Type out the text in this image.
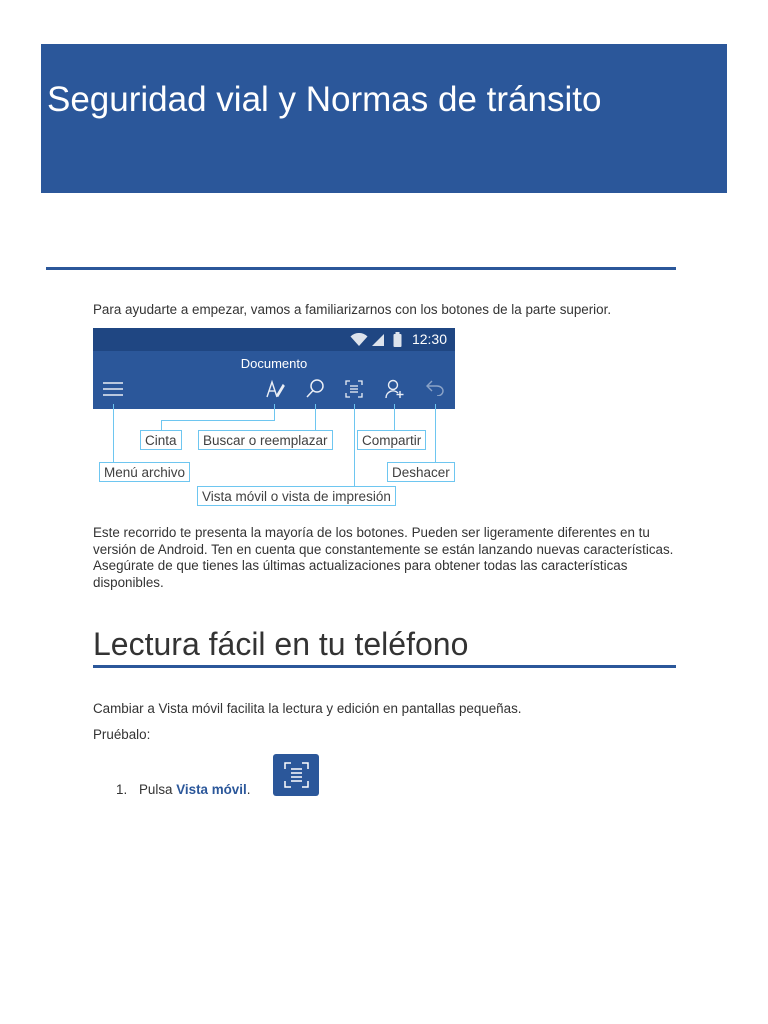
Seguridad vial y Normas de tránsito

Para ayudarte a empezar, vamos a familiarizarnos con los botones de la parte superior.

12:30
Documento
Cinta	Buscar o reemplazar	Compartir
Menú archivo	Deshacer
Vista móvil o vista de impresión

Este recorrido te presenta la mayoría de los botones. Pueden ser ligeramente diferentes en tu versión de Android. Ten en cuenta que constantemente se están lanzando nuevas características. Asegúrate de que tienes las últimas actualizaciones para obtener todas las características disponibles.

Lectura fácil en tu teléfono

Cambiar a Vista móvil facilita la lectura y edición en pantallas pequeñas.

Pruébalo:

1. Pulsa Vista móvil.
